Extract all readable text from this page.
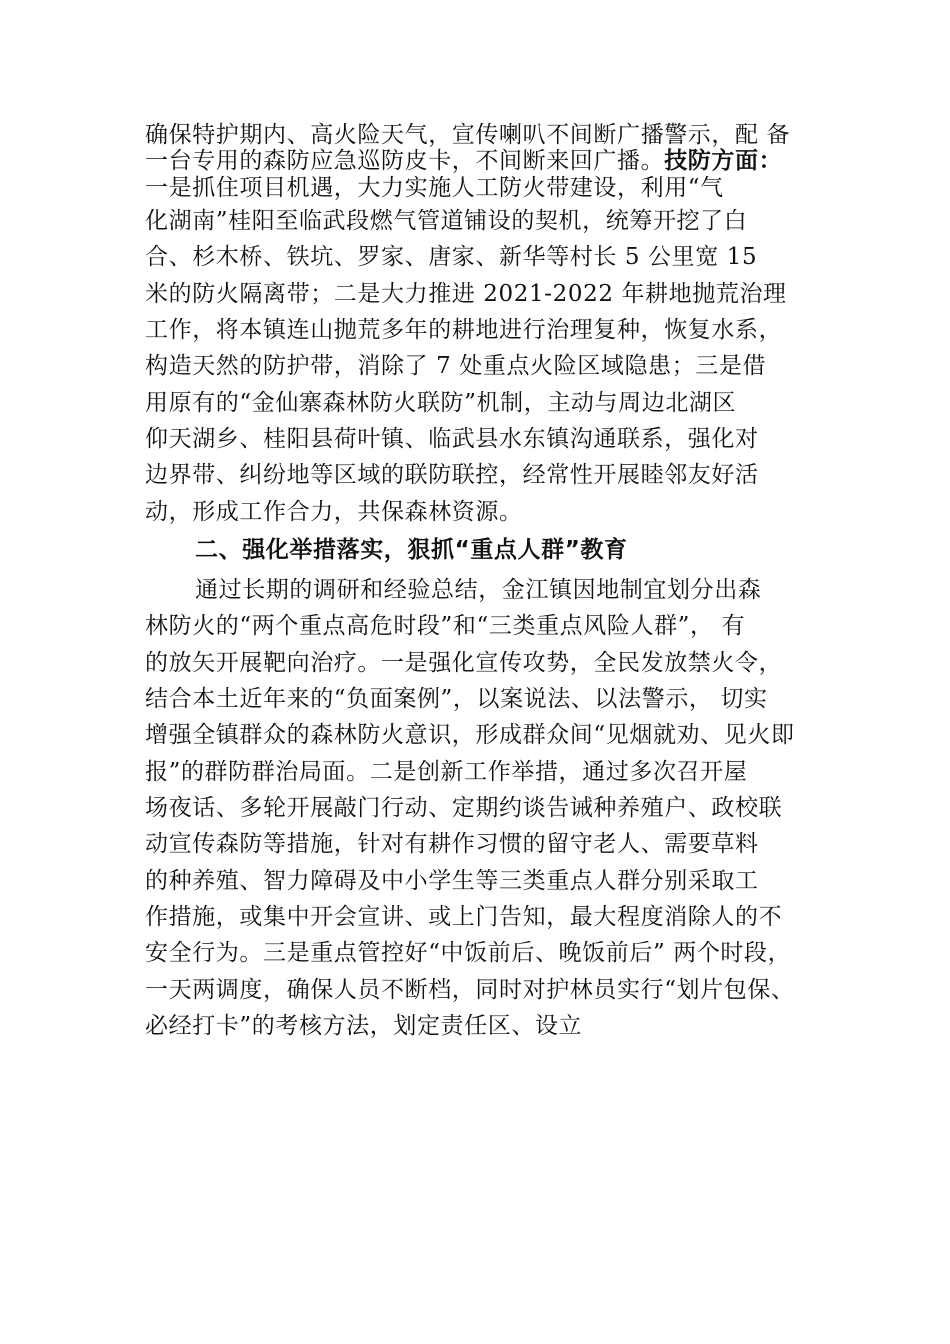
确保特护期内、高火险天气，宣传喇叭不间断广播警示，配 备
一台专用的森防应急巡防皮卡，不间断来回广播。技防方面：
一是抓住项目机遇，大力实施人工防火带建设，利用“气
化湖南”桂阳至临武段燃气管道铺设的契机，统筹开挖了白
合、杉木桥、铁坑、罗家、唐家、新华等村长 5 公里宽 15
米的防火隔离带；二是大力推进 2021-2022 年耕地抛荒治理
工作，将本镇连山抛荒多年的耕地进行治理复种，恢复水系，
构造天然的防护带，消除了 7 处重点火险区域隐患；三是借
用原有的“金仙寨森林防火联防”机制，主动与周边北湖区
仰天湖乡、桂阳县荷叶镇、临武县水东镇沟通联系，强化对
边界带、纠纷地等区域的联防联控，经常性开展睦邻友好活
动，形成工作合力，共保森林资源。
二、强化举措落实，狠抓“重点人群”教育
通过长期的调研和经验总结，金江镇因地制宜划分出森
林防火的“两个重点高危时段”和“三类重点风险人群”， 有
的放矢开展靶向治疗。一是强化宣传攻势，全民发放禁火令，
结合本土近年来的“负面案例”，以案说法、以法警示， 切实
增强全镇群众的森林防火意识，形成群众间“见烟就劝、见火即
报”的群防群治局面。二是创新工作举措，通过多次召开屋
场夜话、多轮开展敲门行动、定期约谈告诫种养殖户、政校联
动宣传森防等措施，针对有耕作习惯的留守老人、需要草料
的种养殖、智力障碍及中小学生等三类重点人群分别采取工
作措施，或集中开会宣讲、或上门告知，最大程度消除人的不
安全行为。三是重点管控好“中饭前后、晚饭前后” 两个时段，
一天两调度，确保人员不断档，同时对护林员实行“划片包保、
必经打卡”的考核方法，划定责任区、设立
